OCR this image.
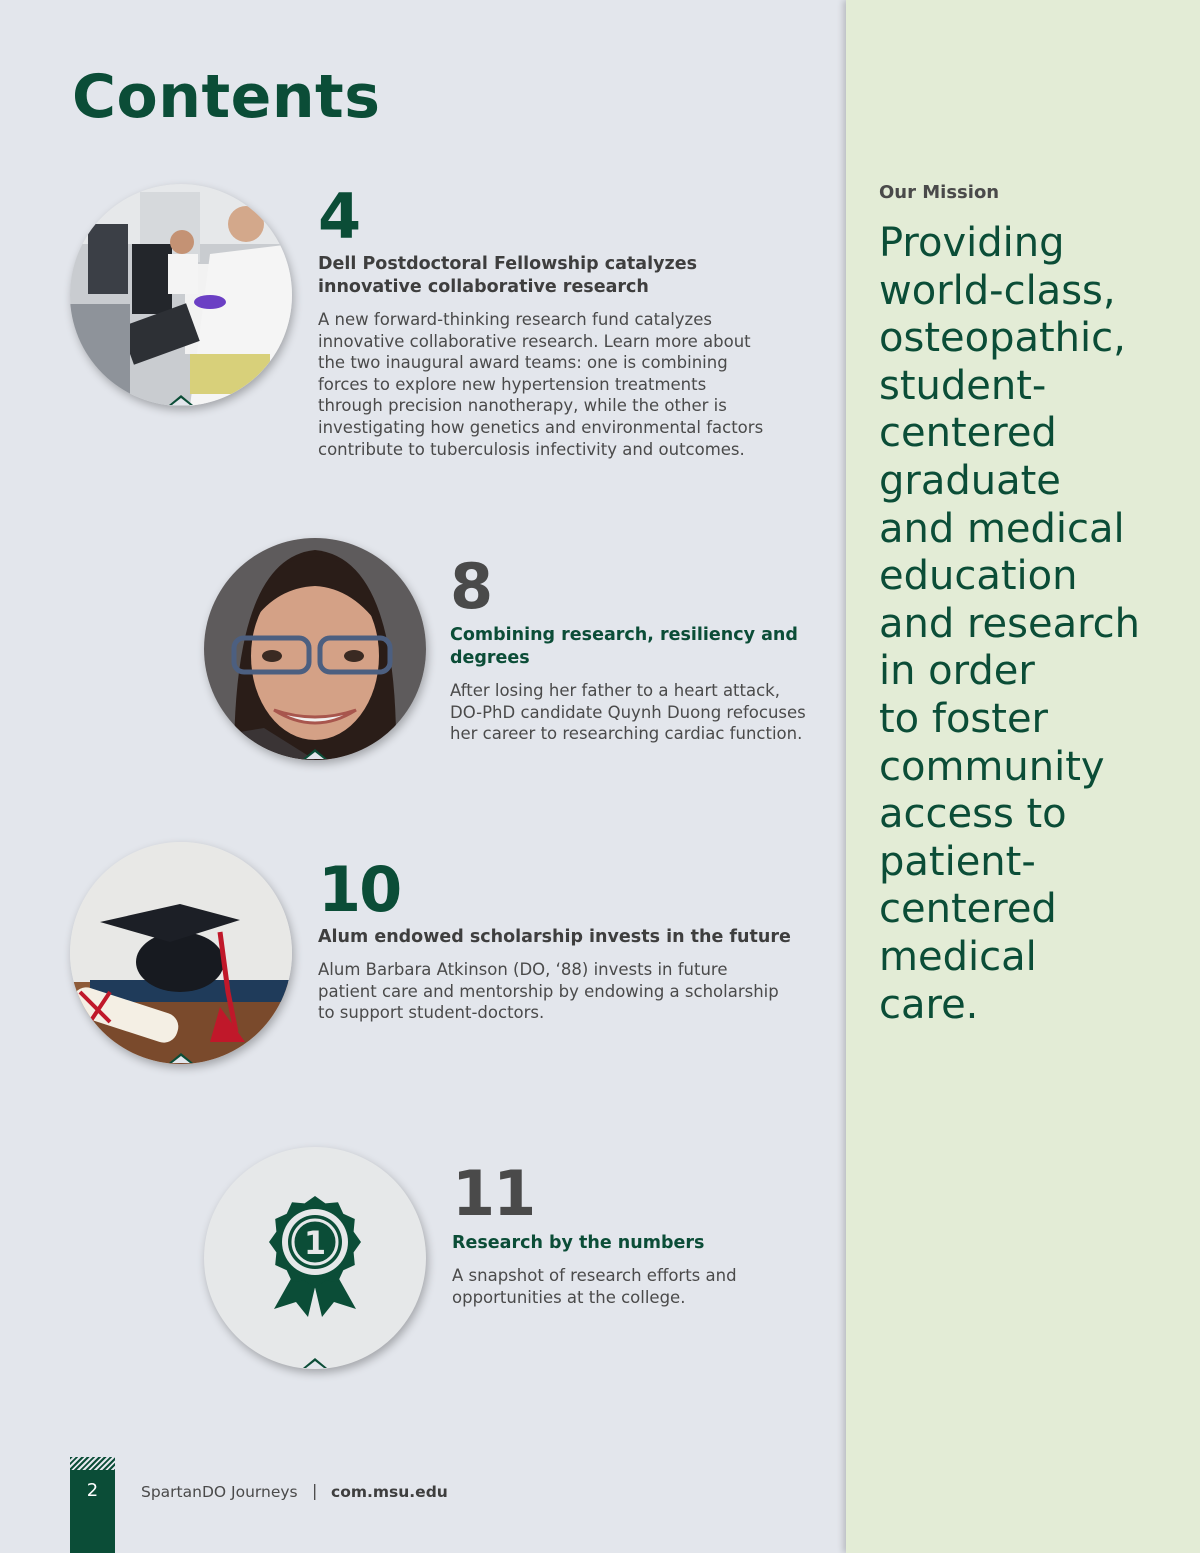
Contents
4
Dell Postdoctoral Fellowship catalyzes
innovative collaborative research
A new forward-thinking research fund catalyzes
innovative collaborative research. Learn more about
the two inaugural award teams: one is combining
forces to explore new hypertension treatments
through precision nanotherapy, while the other is
investigating how genetics and environmental factors
contribute to tuberculosis infectivity and outcomes.
8
Combining research, resiliency and
degrees
After losing her father to a heart attack,
DO-PhD candidate Quynh Duong refocuses
her career to researching cardiac function.
10
Alum endowed scholarship invests in the future
Alum Barbara Atkinson (DO, ‘88) invests in future
patient care and mentorship by endowing a scholarship
to support student-doctors.
1
11
Research by the numbers
A snapshot of research efforts and
opportunities at the college.
2	SpartanDO Journeys | com.msu.edu
Our Mission
Providing
world-class,
osteopathic,
student-
centered
graduate
and medical
education
and research
in order
to foster
community
access to
patient-
centered
medical
care.
